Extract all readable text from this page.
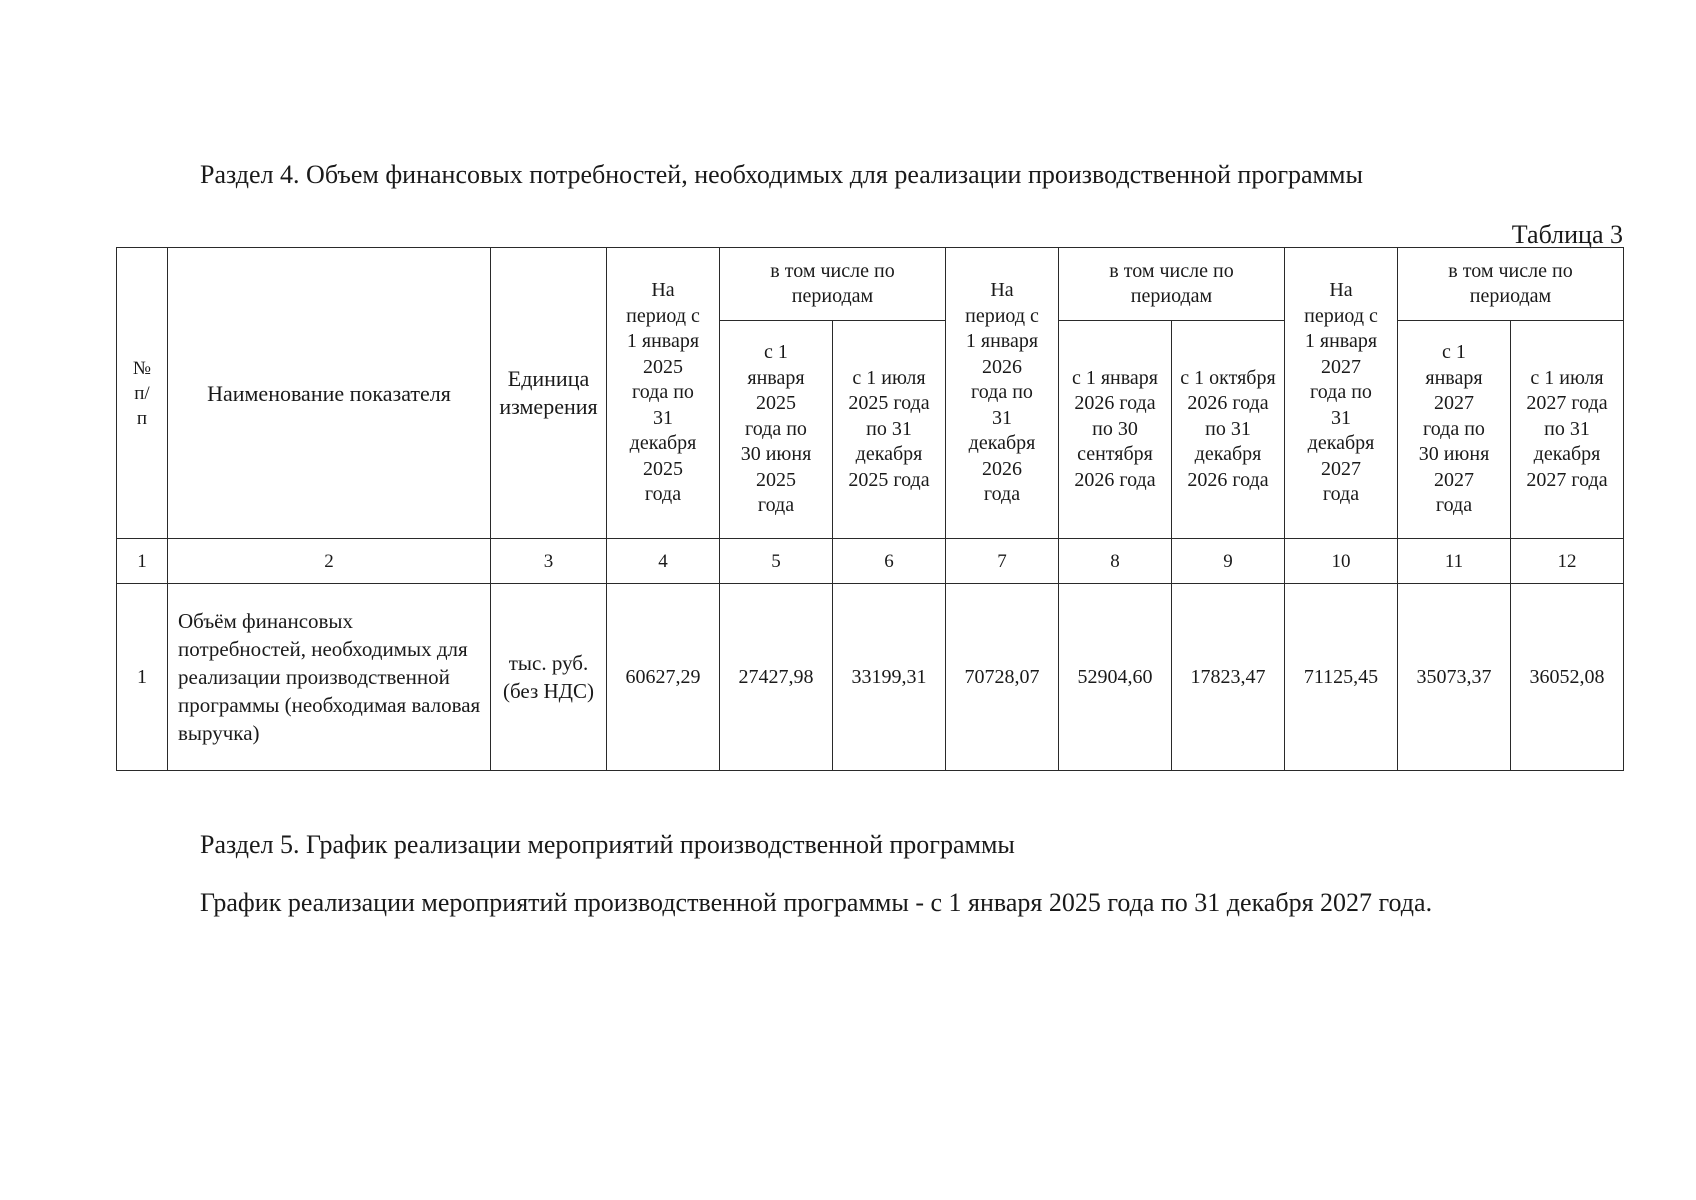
Раздел 4. Объем финансовых потребностей, необходимых для реализации производственной программы
Таблица 3
№ п/ п	Наименование показателя	Единица измерения	На период с 1 января 2025 года по 31 декабря 2025 года	в том числе по периодам		На период с 1 января 2026 года по 31 декабря 2026 года	в том числе по периодам		На период с 1 января 2027 года по 31 декабря 2027 года	в том числе по периодам	
				с 1 января 2025 года по 30 июня 2025 года	с 1 июля 2025 года по 31 декабря 2025 года		с 1 января 2026 года по 30 сентября 2026 года	с 1 октября 2026 года по 31 декабря 2026 года		с 1 января 2027 года по 30 июня 2027 года	с 1 июля 2027 года по 31 декабря 2027 года
1	2	3	4	5	6	7	8	9	10	11	12
1	Объём финансовых потребностей, необходимых для реализации производственной программы (необходимая валовая выручка)	тыс. руб. (без НДС)	60627,29	27427,98	33199,31	70728,07	52904,60	17823,47	71125,45	35073,37	36052,08
Раздел 5. График реализации мероприятий производственной программы
График реализации мероприятий производственной программы - с 1 января 2025 года по 31 декабря 2027 года.
